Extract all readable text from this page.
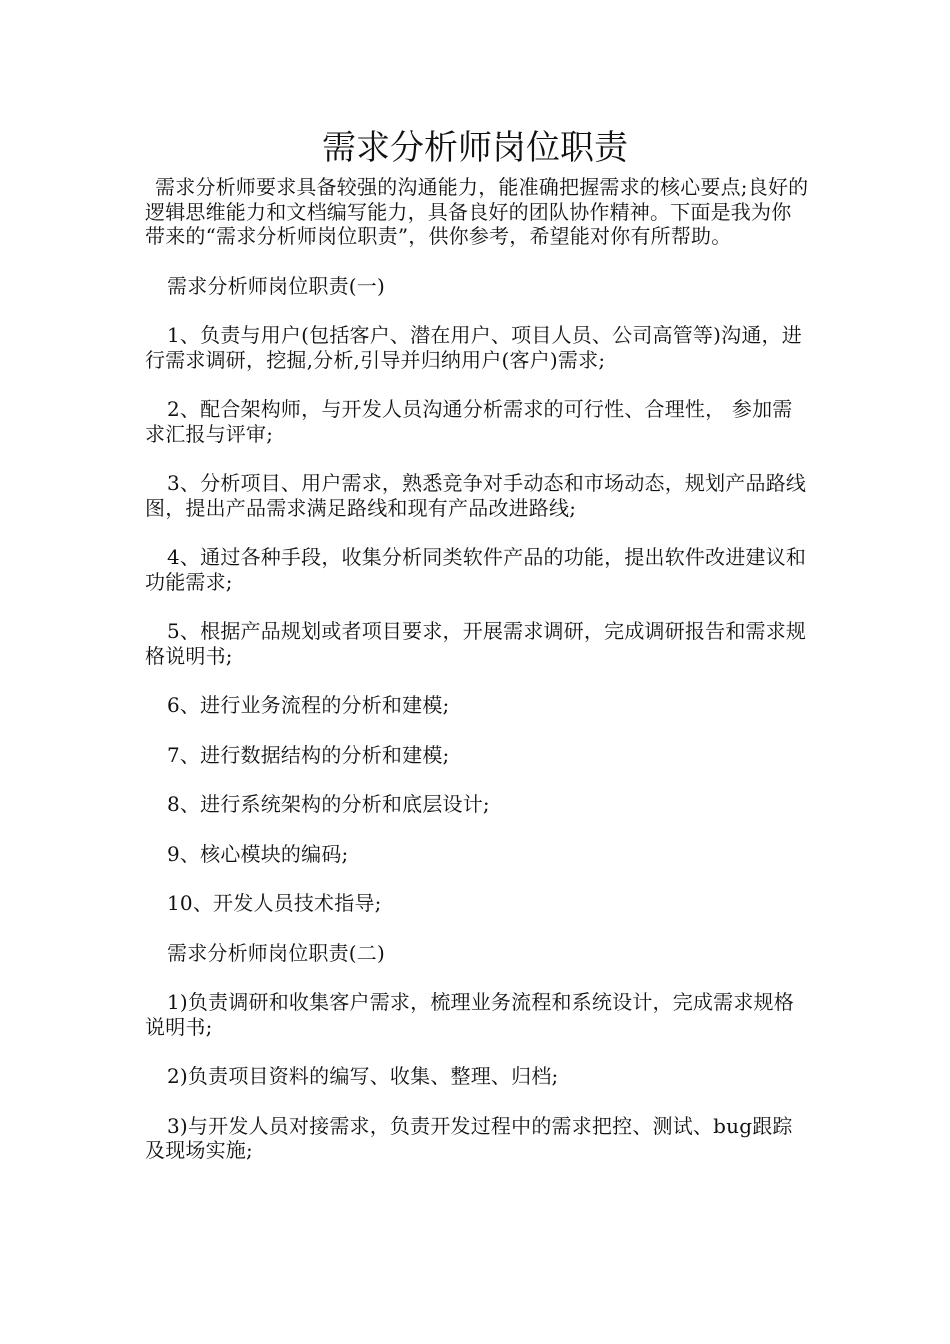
需求分析师岗位职责

需求分析师要求具备较强的沟通能力，能准确把握需求的核心要点;良好的逻辑思维能力和文档编写能力，具备良好的团队协作精神。下面是我为你带来的“需求分析师岗位职责”，供你参考，希望能对你有所帮助。

需求分析师岗位职责(一)

1、负责与用户(包括客户、潜在用户、项目人员、公司高管等)沟通，进行需求调研，挖掘,分析,引导并归纳用户(客户)需求;

2、配合架构师，与开发人员沟通分析需求的可行性、合理性， 参加需求汇报与评审;

3、分析项目、用户需求，熟悉竞争对手动态和市场动态，规划产品路线图，提出产品需求满足路线和现有产品改进路线;

4、通过各种手段，收集分析同类软件产品的功能，提出软件改进建议和功能需求;

5、根据产品规划或者项目要求，开展需求调研，完成调研报告和需求规格说明书;

6、进行业务流程的分析和建模;

7、进行数据结构的分析和建模;

8、进行系统架构的分析和底层设计;

9、核心模块的编码;

10、开发人员技术指导;

需求分析师岗位职责(二)

1)负责调研和收集客户需求，梳理业务流程和系统设计，完成需求规格说明书;

2)负责项目资料的编写、收集、整理、归档;

3)与开发人员对接需求，负责开发过程中的需求把控、测试、bug跟踪及现场实施;
